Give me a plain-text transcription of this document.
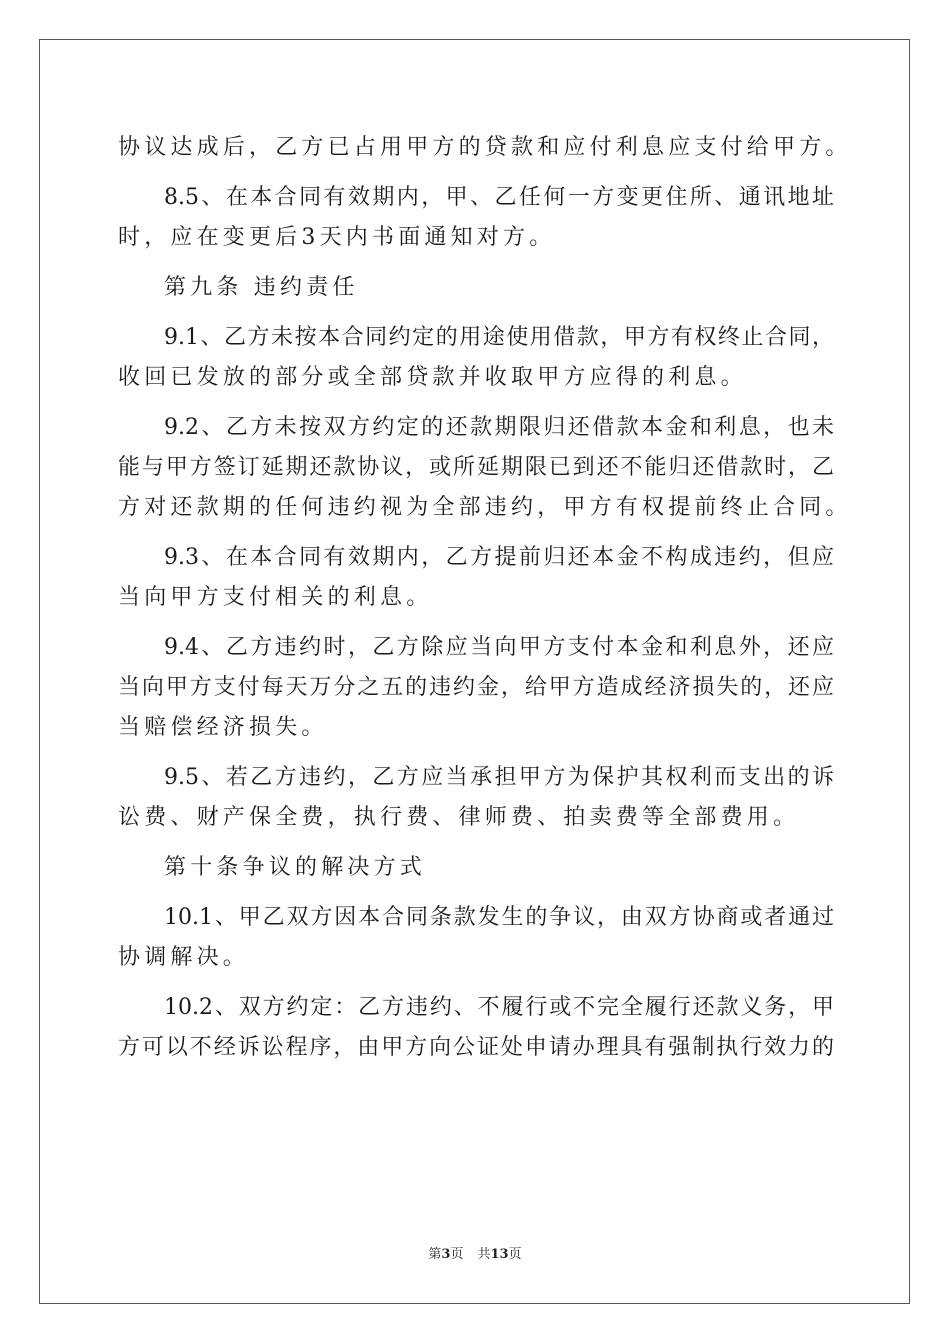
协议达成后，乙方已占用甲方的贷款和应付利息应支付给甲方。
8.5、在本合同有效期内，甲、乙任何一方变更住所、通讯地址
时，应在变更后3天内书面通知对方。
第九条 违约责任
9.1、乙方未按本合同约定的用途使用借款，甲方有权终止合同，
收回已发放的部分或全部贷款并收取甲方应得的利息。
9.2、乙方未按双方约定的还款期限归还借款本金和利息，也未
能与甲方签订延期还款协议，或所延期限已到还不能归还借款时，乙
方对还款期的任何违约视为全部违约，甲方有权提前终止合同。
9.3、在本合同有效期内，乙方提前归还本金不构成违约，但应
当向甲方支付相关的利息。
9.4、乙方违约时，乙方除应当向甲方支付本金和利息外，还应
当向甲方支付每天万分之五的违约金，给甲方造成经济损失的，还应
当赔偿经济损失。
9.5、若乙方违约，乙方应当承担甲方为保护其权利而支出的诉
讼费、财产保全费，执行费、律师费、拍卖费等全部费用。
第十条争议的解决方式
10.1、甲乙双方因本合同条款发生的争议，由双方协商或者通过
协调解决。
10.2、双方约定：乙方违约、不履行或不完全履行还款义务，甲
方可以不经诉讼程序，由甲方向公证处申请办理具有强制执行效力的
第3页 共13页
